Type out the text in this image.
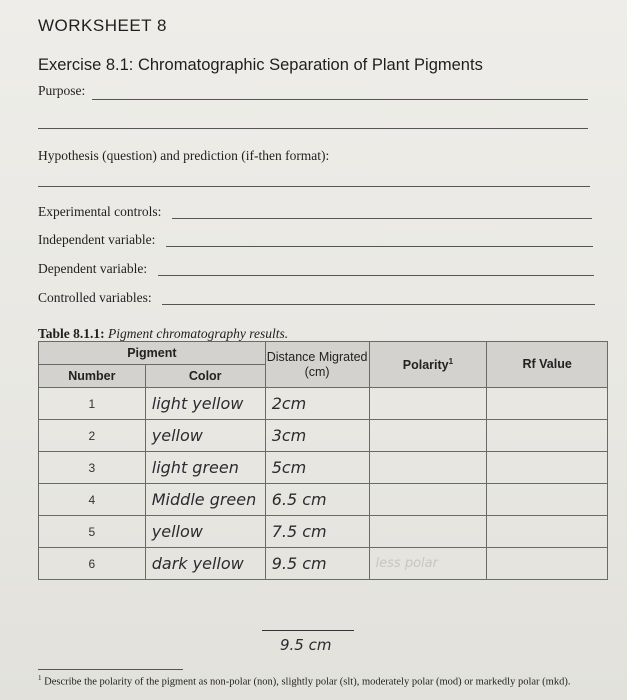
WORKSHEET 8
Exercise 8.1: Chromatographic Separation of Plant Pigments
Purpose:
Hypothesis (question) and prediction (if-then format):
Experimental controls:
Independent variable:
Dependent variable:
Controlled variables:
Table 8.1.1: Pigment chromatography results.
Pigment		Distance Migrated (cm)	Polarity$^1$	Rf Value
Number	Color			
1	light yellow	2cm		
2	yellow	3cm		
3	light green	5cm		
4	Middle green	6.5 cm		
5	yellow	7.5 cm		
6	dark yellow	9.5 cm	less polar	
9.5 cm
$^1$ Describe the polarity of the pigment as non-polar (non), slightly polar (slt), moderately polar (mod) or markedly polar (mkd).
